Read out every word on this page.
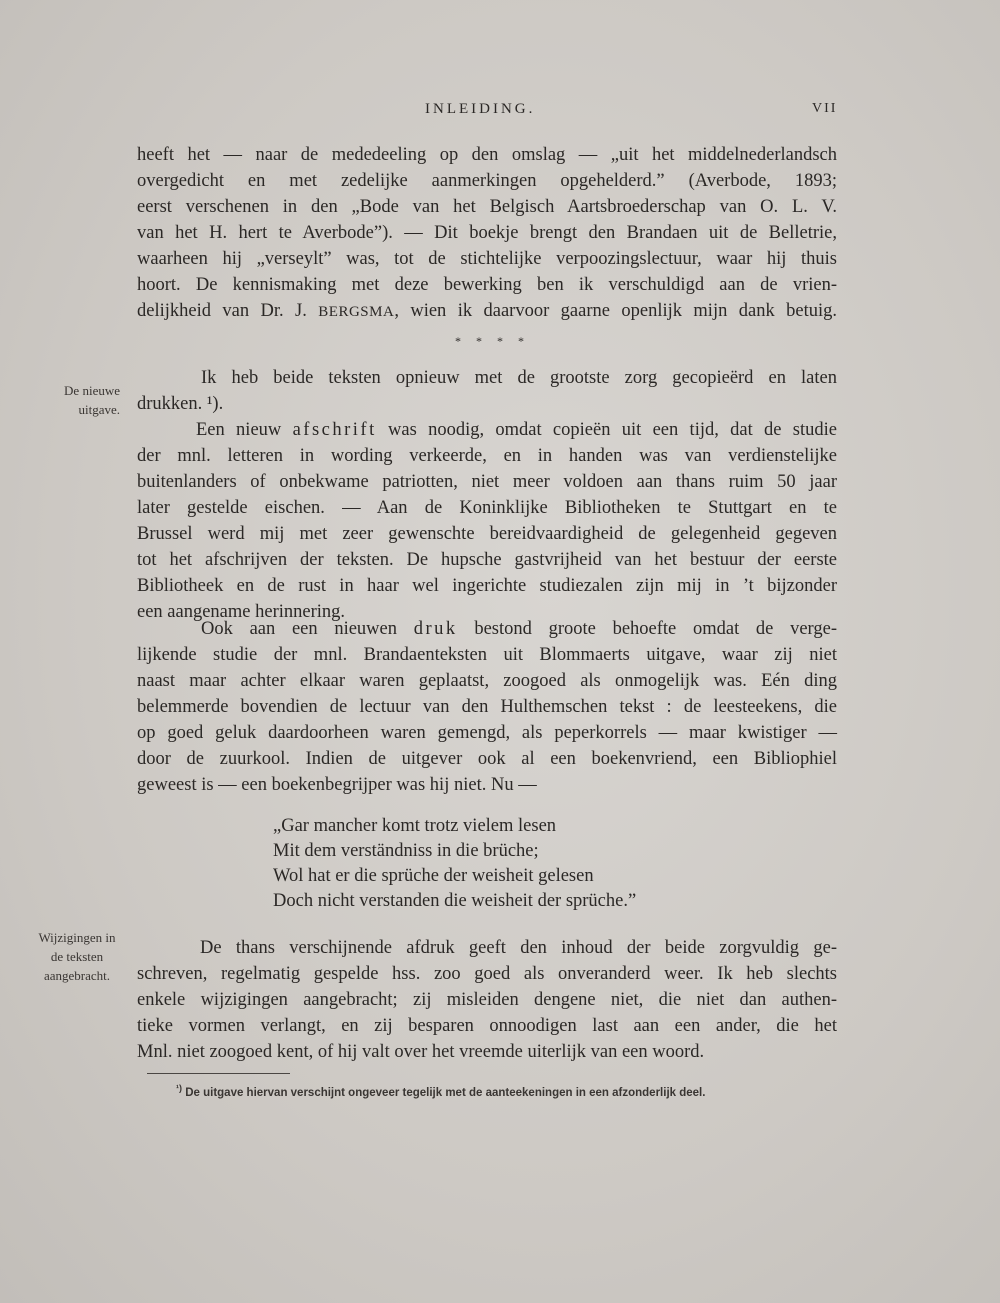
INLEIDING.	VII
heeft het — naar de mededeeling op den omslag — „uit het middelnederlandsch
overgedicht en met zedelijke aanmerkingen opgehelderd.” (Averbode, 1893;
eerst verschenen in den „Bode van het Belgisch Aartsbroederschap van O. L. V.
van het H. hert te Averbode”). — Dit boekje brengt den Brandaen uit de Belletrie,
waarheen hij „verseylt” was, tot de stichtelijke verpoozingslectuur, waar hij thuis
hoort. De kennismaking met deze bewerking ben ik verschuldigd aan de vrien-
delijkheid van Dr. J. BERGSMA, wien ik daarvoor gaarne openlijk mijn dank betuig.
* * * *
De nieuwe
uitgave.
Ik heb beide teksten opnieuw met de grootste zorg gecopieërd en laten
drukken. ¹).
Een nieuw afschrift was noodig, omdat copieën uit een tijd, dat de studie
der mnl. letteren in wording verkeerde, en in handen was van verdienstelijke
buitenlanders of onbekwame patriotten, niet meer voldoen aan thans ruim 50 jaar
later gestelde eischen. — Aan de Koninklijke Bibliotheken te Stuttgart en te
Brussel werd mij met zeer gewenschte bereidvaardigheid de gelegenheid gegeven
tot het afschrijven der teksten. De hupsche gastvrijheid van het bestuur der eerste
Bibliotheek en de rust in haar wel ingerichte studiezalen zijn mij in ’t bijzonder
een aangename herinnering.
Ook aan een nieuwen druk bestond groote behoefte omdat de verge-
lijkende studie der mnl. Brandaenteksten uit Blommaerts uitgave, waar zij niet
naast maar achter elkaar waren geplaatst, zoogoed als onmogelijk was. Eén ding
belemmerde bovendien de lectuur van den Hulthemschen tekst : de leesteekens, die
op goed geluk daardoorheen waren gemengd, als peperkorrels — maar kwistiger —
door de zuurkool. Indien de uitgever ook al een boekenvriend, een Bibliophiel
geweest is — een boekenbegrijper was hij niet. Nu —
„Gar mancher komt trotz vielem lesen
Mit dem verständniss in die brüche;
Wol hat er die sprüche der weisheit gelesen
Doch nicht verstanden die weisheit der sprüche.”
Wijzigingen in
de teksten
aangebracht.
De thans verschijnende afdruk geeft den inhoud der beide zorgvuldig ge-
schreven, regelmatig gespelde hss. zoo goed als onveranderd weer. Ik heb slechts
enkele wijzigingen aangebracht; zij misleiden dengene niet, die niet dan authen-
tieke vormen verlangt, en zij besparen onnoodigen last aan een ander, die het
Mnl. niet zoogoed kent, of hij valt over het vreemde uiterlijk van een woord.
$^{^1)}$ De uitgave hiervan verschijnt ongeveer tegelijk met de aanteekeningen in een afzonderlijk deel.
